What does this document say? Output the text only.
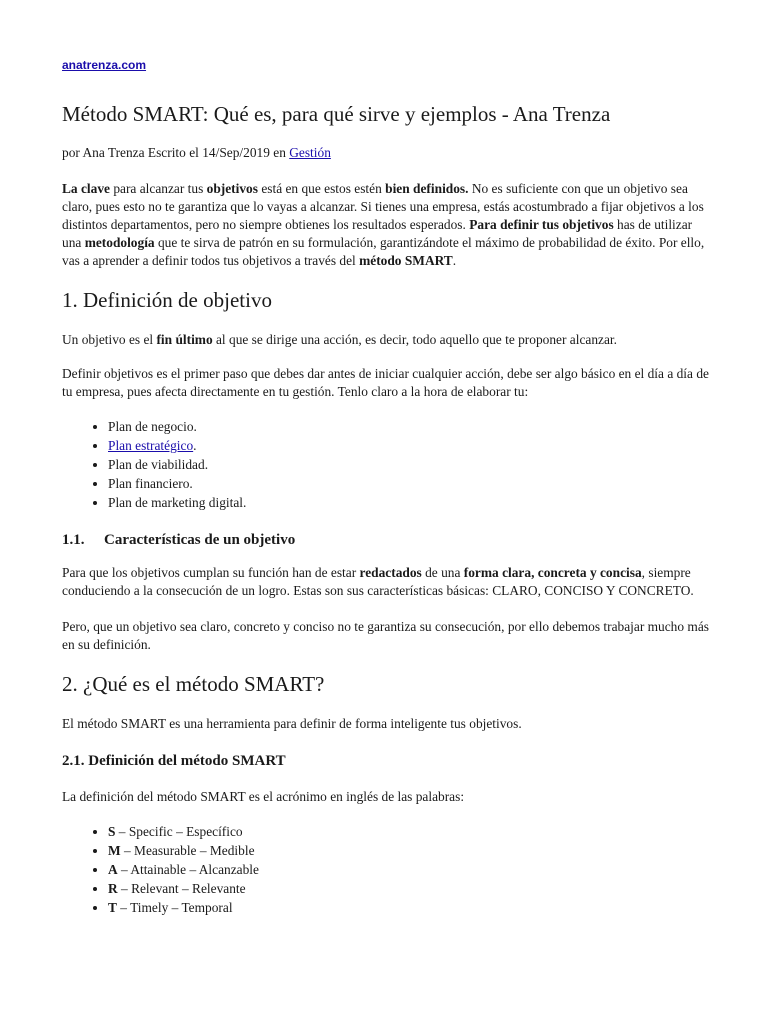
anatrenza.com
Método SMART: Qué es, para qué sirve y ejemplos - Ana Trenza

por Ana Trenza Escrito el 14/Sep/2019 en Gestión

La clave para alcanzar tus objetivos está en que estos estén bien definidos. No es suficiente con que un objetivo sea claro, pues esto no te garantiza que lo vayas a alcanzar. Si tienes una empresa, estás acostumbrado a fijar objetivos a los distintos departamentos, pero no siempre obtienes los resultados esperados. Para definir tus objetivos has de utilizar una metodología que te sirva de patrón en su formulación, garantizándote el máximo de probabilidad de éxito. Por ello, vas a aprender a definir todos tus objetivos a través del método SMART.

1. Definición de objetivo

Un objetivo es el fin último al que se dirige una acción, es decir, todo aquello que te proponer alcanzar.

Definir objetivos es el primer paso que debes dar antes de iniciar cualquier acción, debe ser algo básico en el día a día de tu empresa, pues afecta directamente en tu gestión. Tenlo claro a la hora de elaborar tu:

• Plan de negocio.
• Plan estratégico.
• Plan de viabilidad.
• Plan financiero.
• Plan de marketing digital.
1.1. Características de un objetivo

Para que los objetivos cumplan su función han de estar redactados de una forma clara, concreta y concisa, siempre conduciendo a la consecución de un logro. Estas son sus características básicas: CLARO, CONCISO Y CONCRETO.

Pero, que un objetivo sea claro, concreto y conciso no te garantiza su consecución, por ello debemos trabajar mucho más en su definición.

2. ¿Qué es el método SMART?

El método SMART es una herramienta para definir de forma inteligente tus objetivos.

2.1. Definición del método SMART

La definición del método SMART es el acrónimo en inglés de las palabras:

• S – Specific – Específico
• M – Measurable – Medible
• A – Attainable – Alcanzable
• R – Relevant – Relevante
• T – Timely – Temporal
